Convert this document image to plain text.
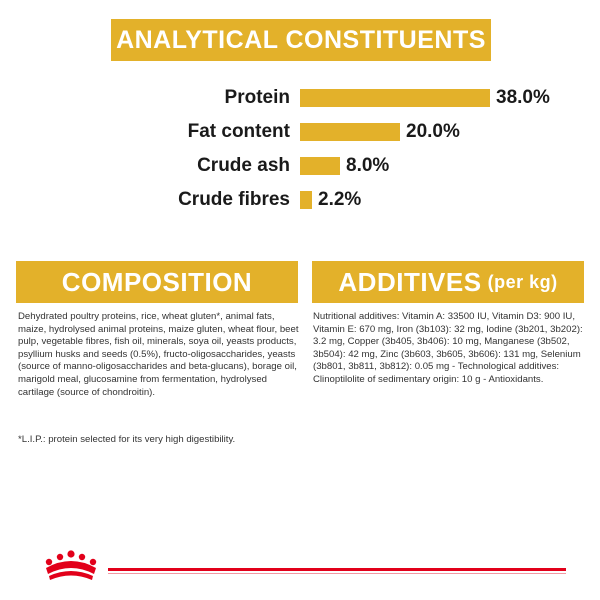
ANALYTICAL CONSTITUENTS
Protein	38.0%
Fat content	20.0%
Crude ash	8.0%
Crude fibres 2.2%
COMPOSITION	ADDITIVES (per kg)
Dehydrated poultry proteins, rice, wheat gluten*, animal fats, maize, hydrolysed animal proteins, maize gluten, wheat flour, beet pulp, vegetable fibres, fish oil, minerals, soya oil, yeasts products, psyllium husks and seeds (0.5%), fructo-oligosaccharides, yeasts (source of manno-oligosaccharides and beta-glucans), borage oil, marigold meal, glucosamine from fermentation, hydrolysed cartilage (source of chondroitin).
*L.I.P.: protein selected for its very high digestibility.
Nutritional additives: Vitamin A: 33500 IU, Vitamin D3: 900 IU, Vitamin E: 670 mg, Iron (3b103): 32 mg, Iodine (3b201, 3b202): 3.2 mg, Copper (3b405, 3b406): 10 mg, Manganese (3b502, 3b504): 42 mg, Zinc (3b603, 3b605, 3b606): 131 mg, Selenium (3b801, 3b811, 3b812): 0.05 mg - Technological additives: Clinoptilolite of sedimentary origin: 10 g - Antioxidants.
